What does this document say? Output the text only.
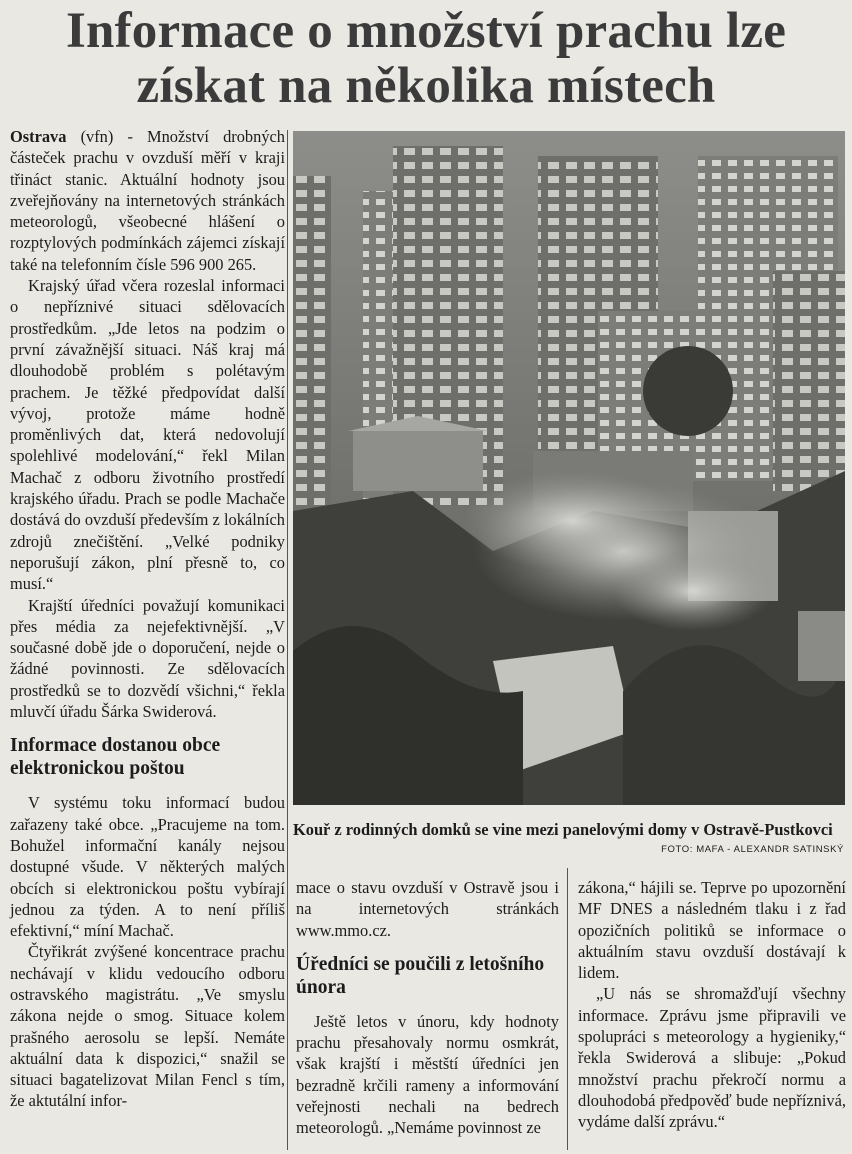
Informace o množství prachu lze získat na několika místech

Ostrava (vfn) - Množství drobných částeček prachu v ovzduší měří v kraji třináct stanic. Aktuální hodnoty jsou zveřejňovány na internetových stránkách meteorologů, všeobecné hlášení o rozptylových podmínkách zájemci získají také na telefonním čísle 596 900 265.

Krajský úřad včera rozeslal informaci o nepříznivé situaci sdělovacích prostředkům. „Jde letos na podzim o první závažnější situaci. Náš kraj má dlouhodobě problém s polétavým prachem. Je těžké předpovídat další vývoj, protože máme hodně proměnlivých dat, která nedovolují spolehlivé modelování,“ řekl Milan Machač z odboru životního prostředí krajského úřadu. Prach se podle Machače dostává do ovzduší především z lokálních zdrojů znečištění. „Velké podniky neporušují zákon, plní přesně to, co musí.“

Krajští úředníci považují komunikaci přes média za nejefektivnější. „V současné době jde o doporučení, nejde o žádné povinnosti. Ze sdělovacích prostředků se to dozvědí všichni,“ řekla mluvčí úřadu Šárka Swiderová.

Informace dostanou obce elektronickou poštou

V systému toku informací budou zařazeny také obce. „Pracujeme na tom. Bohužel informační kanály nejsou dostupné všude. V některých malých obcích si elektronickou poštu vybírají jednou za týden. A to není příliš efektivní,“ míní Machač.

Čtyřikrát zvýšené koncentrace prachu nechávají v klidu vedoucího odboru ostravského magistrátu. „Ve smyslu zákona nejde o smog. Situace kolem prašného aerosolu se lepší. Nemáte aktuální data k dispozici,“ snažil se situaci bagatelizovat Milan Fencl s tím, že aktutální infor-

Kouř z rodinných domků se vine mezi panelovými domy v Ostravě-Pustkovci
FOTO: MAFA - ALEXANDR SATINSKÝ

mace o stavu ovzduší v Ostravě jsou i na internetových stránkách www.mmo.cz.

Úředníci se poučili z letošního února

Ještě letos v únoru, kdy hodnoty prachu přesahovaly normu osmkrát, však krajští i městští úředníci jen bezradně krčili rameny a informování veřejnosti nechali na bedrech meteorologů. „Nemáme povinnost ze

zákona,“ hájili se. Teprve po upozornění MF DNES a následném tlaku i z řad opozičních politiků se informace o aktuálním stavu ovzduší dostávají k lidem.

„U nás se shromažďují všechny informace. Zprávu jsme připravili ve spolupráci s meteorology a hygieniky,“ řekla Swiderová a slibuje: „Pokud množství prachu překročí normu a dlouhodobá předpověď bude nepříznivá, vydáme další zprávu.“
